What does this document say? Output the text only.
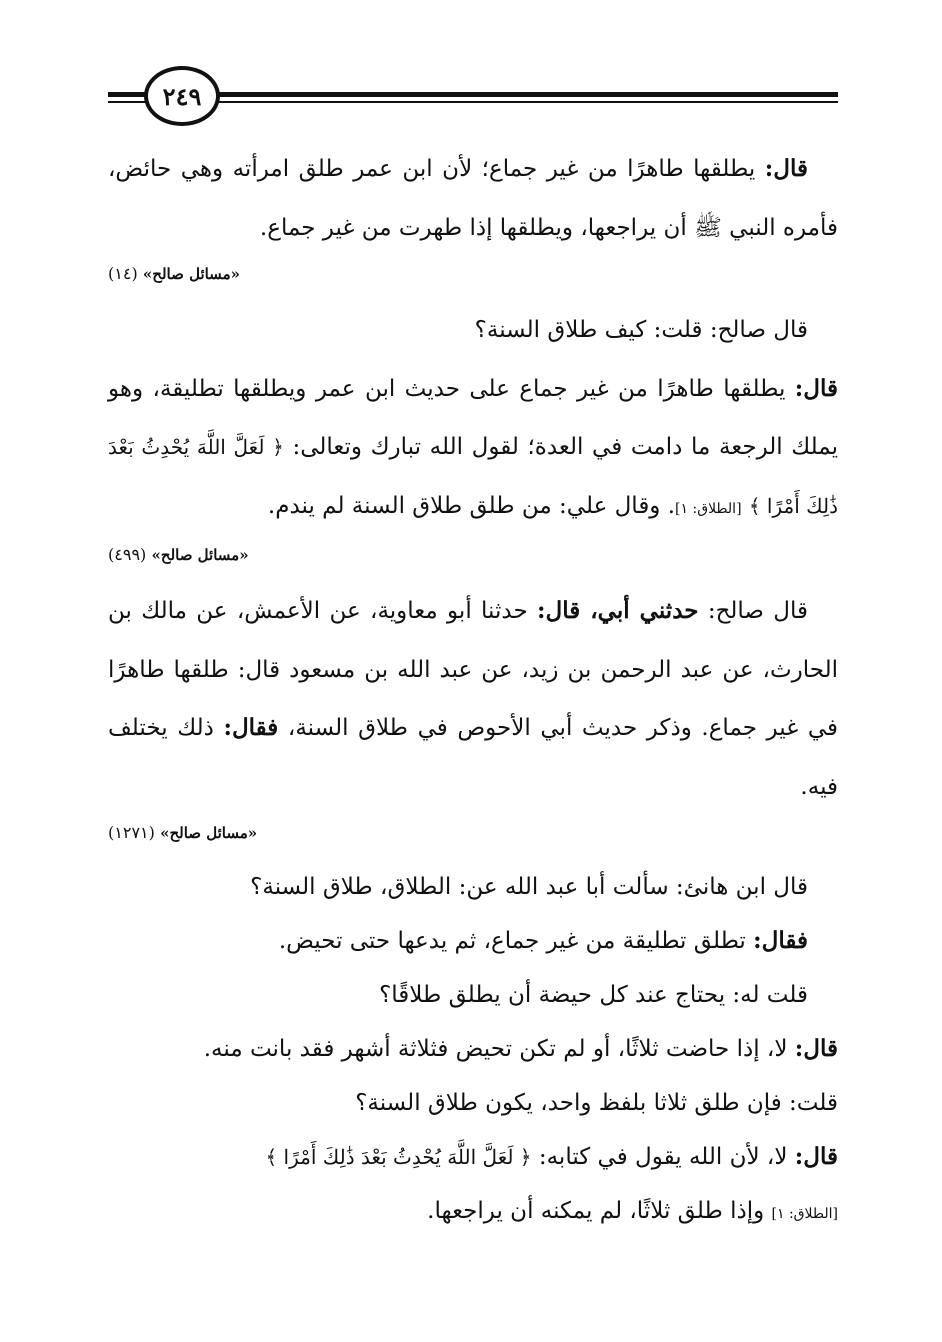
٢٤٩

قال: يطلقها طاهرًا من غير جماع؛ لأن ابن عمر طلق امرأته وهي حائض، فأمره النبي ﷺ أن يراجعها، ويطلقها إذا طهرت من غير جماع.

«مسائل صالح» (١٤)

قال صالح: قلت: كيف طلاق السنة؟

قال: يطلقها طاهرًا من غير جماع على حديث ابن عمر ويطلقها تطليقة، وهو يملك الرجعة ما دامت في العدة؛ لقول الله تبارك وتعالى: ﴿ لَعَلَّ اللَّهَ يُحْدِثُ بَعْدَ ذَٰلِكَ أَمْرًا ﴾ [الطلاق: ١]. وقال علي: من طلق طلاق السنة لم يندم.

«مسائل صالح» (٤٩٩)

قال صالح: حدثني أبي، قال: حدثنا أبو معاوية، عن الأعمش، عن مالك بن الحارث، عن عبد الرحمن بن زيد، عن عبد الله بن مسعود قال: طلقها طاهرًا في غير جماع. وذكر حديث أبي الأحوص في طلاق السنة، فقال: ذلك يختلف فيه.

«مسائل صالح» (١٢٧١)

قال ابن هانئ: سألت أبا عبد الله عن: الطلاق، طلاق السنة؟

فقال: تطلق تطليقة من غير جماع، ثم يدعها حتى تحيض.

قلت له: يحتاج عند كل حيضة أن يطلق طلاقًا؟

قال: لا، إذا حاضت ثلاثًا، أو لم تكن تحيض فثلاثة أشهر فقد بانت منه.

قلت: فإن طلق ثلاثا بلفظ واحد، يكون طلاق السنة؟

قال: لا، لأن الله يقول في كتابه: ﴿ لَعَلَّ اللَّهَ يُحْدِثُ بَعْدَ ذَٰلِكَ أَمْرًا ﴾

[الطلاق: ١] وإذا طلق ثلاثًا، لم يمكنه أن يراجعها.
